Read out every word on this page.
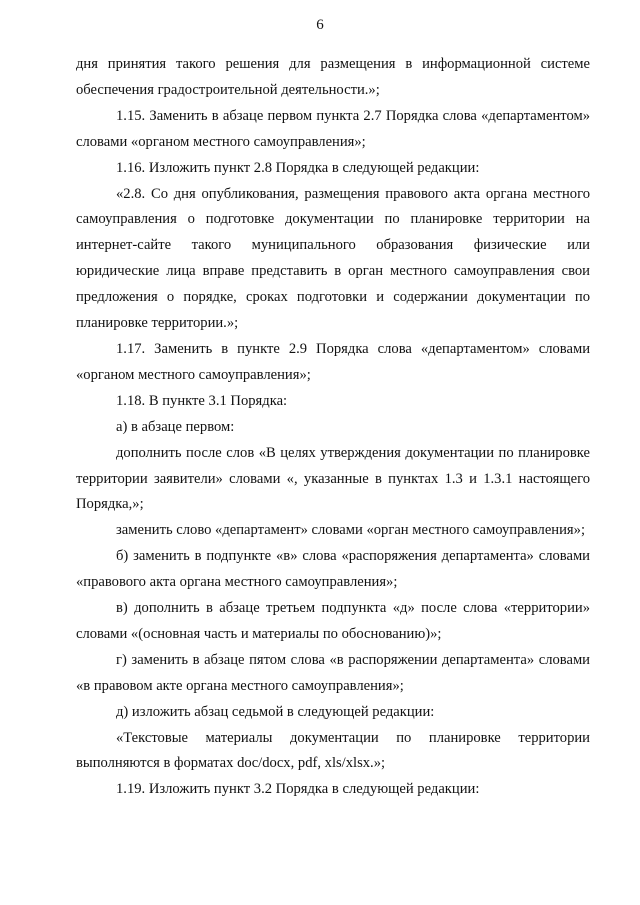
6

дня принятия такого решения для размещения в информационной системе обеспечения градостроительной деятельности.»;

1.15. Заменить в абзаце первом пункта 2.7 Порядка слова «департаментом» словами «органом местного самоуправления»;

1.16. Изложить пункт 2.8 Порядка в следующей редакции:

«2.8. Со дня опубликования, размещения правового акта органа местного самоуправления о подготовке документации по планировке территории на интернет-сайте такого муниципального образования физические или юридические лица вправе представить в орган местного самоуправления свои предложения о порядке, сроках подготовки и содержании документации по планировке территории.»;

1.17. Заменить в пункте 2.9 Порядка слова «департаментом» словами «органом местного самоуправления»;

1.18. В пункте 3.1 Порядка:

а) в абзаце первом:

дополнить после слов «В целях утверждения документации по планировке территории заявители» словами «, указанные в пунктах 1.3 и 1.3.1 настоящего Порядка,»;

заменить слово «департамент» словами «орган местного самоуправления»;

б) заменить в подпункте «в» слова «распоряжения департамента» словами «правового акта органа местного самоуправления»;

в) дополнить в абзаце третьем подпункта «д» после слова «территории» словами «(основная часть и материалы по обоснованию)»;

г) заменить в абзаце пятом слова «в распоряжении департамента» словами «в правовом акте органа местного самоуправления»;

д) изложить абзац седьмой в следующей редакции:

«Текстовые материалы документации по планировке территории выполняются в форматах doc/docx, pdf, xls/xlsx.»;

1.19. Изложить пункт 3.2 Порядка в следующей редакции:
